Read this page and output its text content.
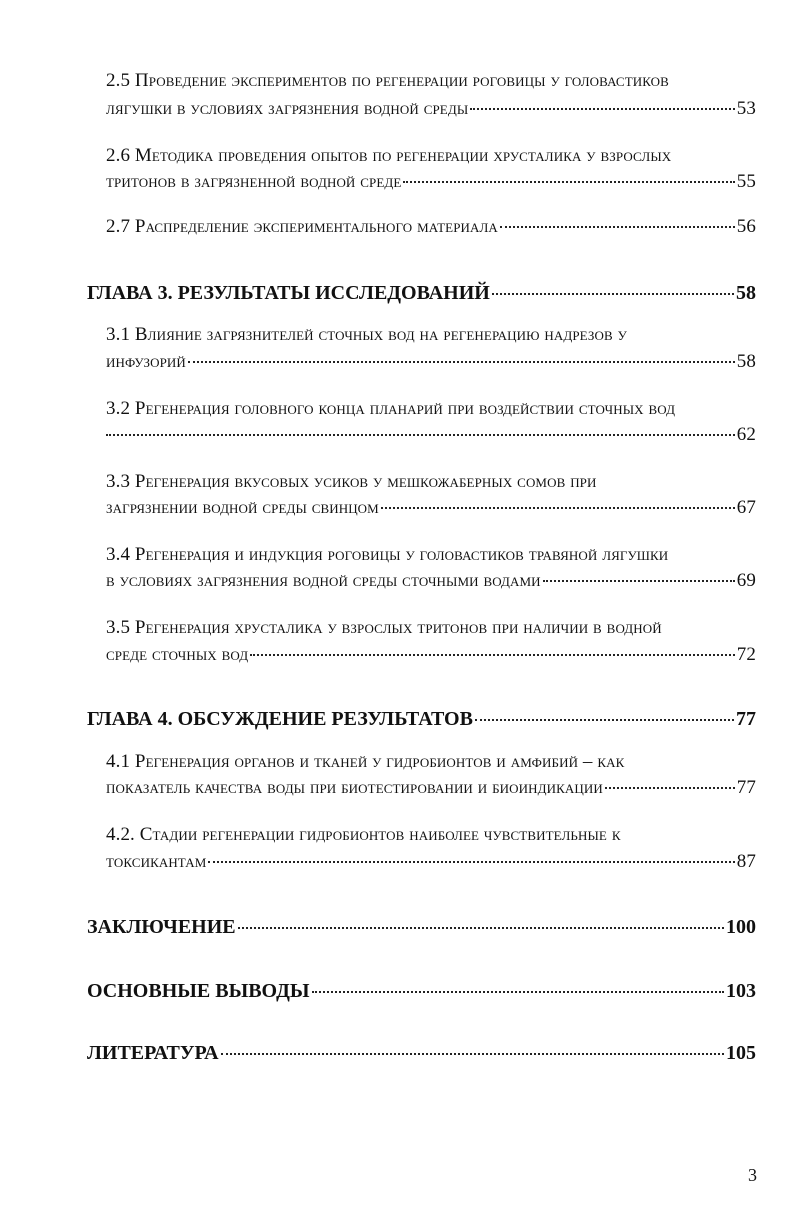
2.5 Проведение экспериментов по регенерации роговицы у головастиков
лягушки в условиях загрязнения водной среды	53
2.6 Методика проведения опытов по регенерации хрусталика у взрослых
тритонов в загрязненной водной среде	55
2.7 Распределение экспериментального материала	56
ГЛАВА 3. РЕЗУЛЬТАТЫ ИССЛЕДОВАНИЙ	58
3.1 Влияние загрязнителей сточных вод на регенерацию надрезов у
инфузорий	58
3.2 Регенерация головного конца планарий при воздействии сточных вод
62
3.3 Регенерация вкусовых усиков у мешкожаберных сомов при
загрязнении водной среды свинцом	67
3.4 Регенерация и индукция роговицы у головастиков травяной лягушки
в условиях загрязнения водной среды сточными водами	69
3.5 Регенерация хрусталика у взрослых тритонов при наличии в водной
среде сточных вод	72
ГЛАВА 4. ОБСУЖДЕНИЕ РЕЗУЛЬТАТОВ	77
4.1 Регенерация органов и тканей у гидробионтов и амфибий – как
показатель качества воды при биотестировании и биоиндикации	77
4.2. Стадии регенерации гидробионтов наиболее чувствительные к
токсикантам	87
ЗАКЛЮЧЕНИЕ	100
ОСНОВНЫЕ ВЫВОДЫ	103
ЛИТЕРАТУРА	105
3
